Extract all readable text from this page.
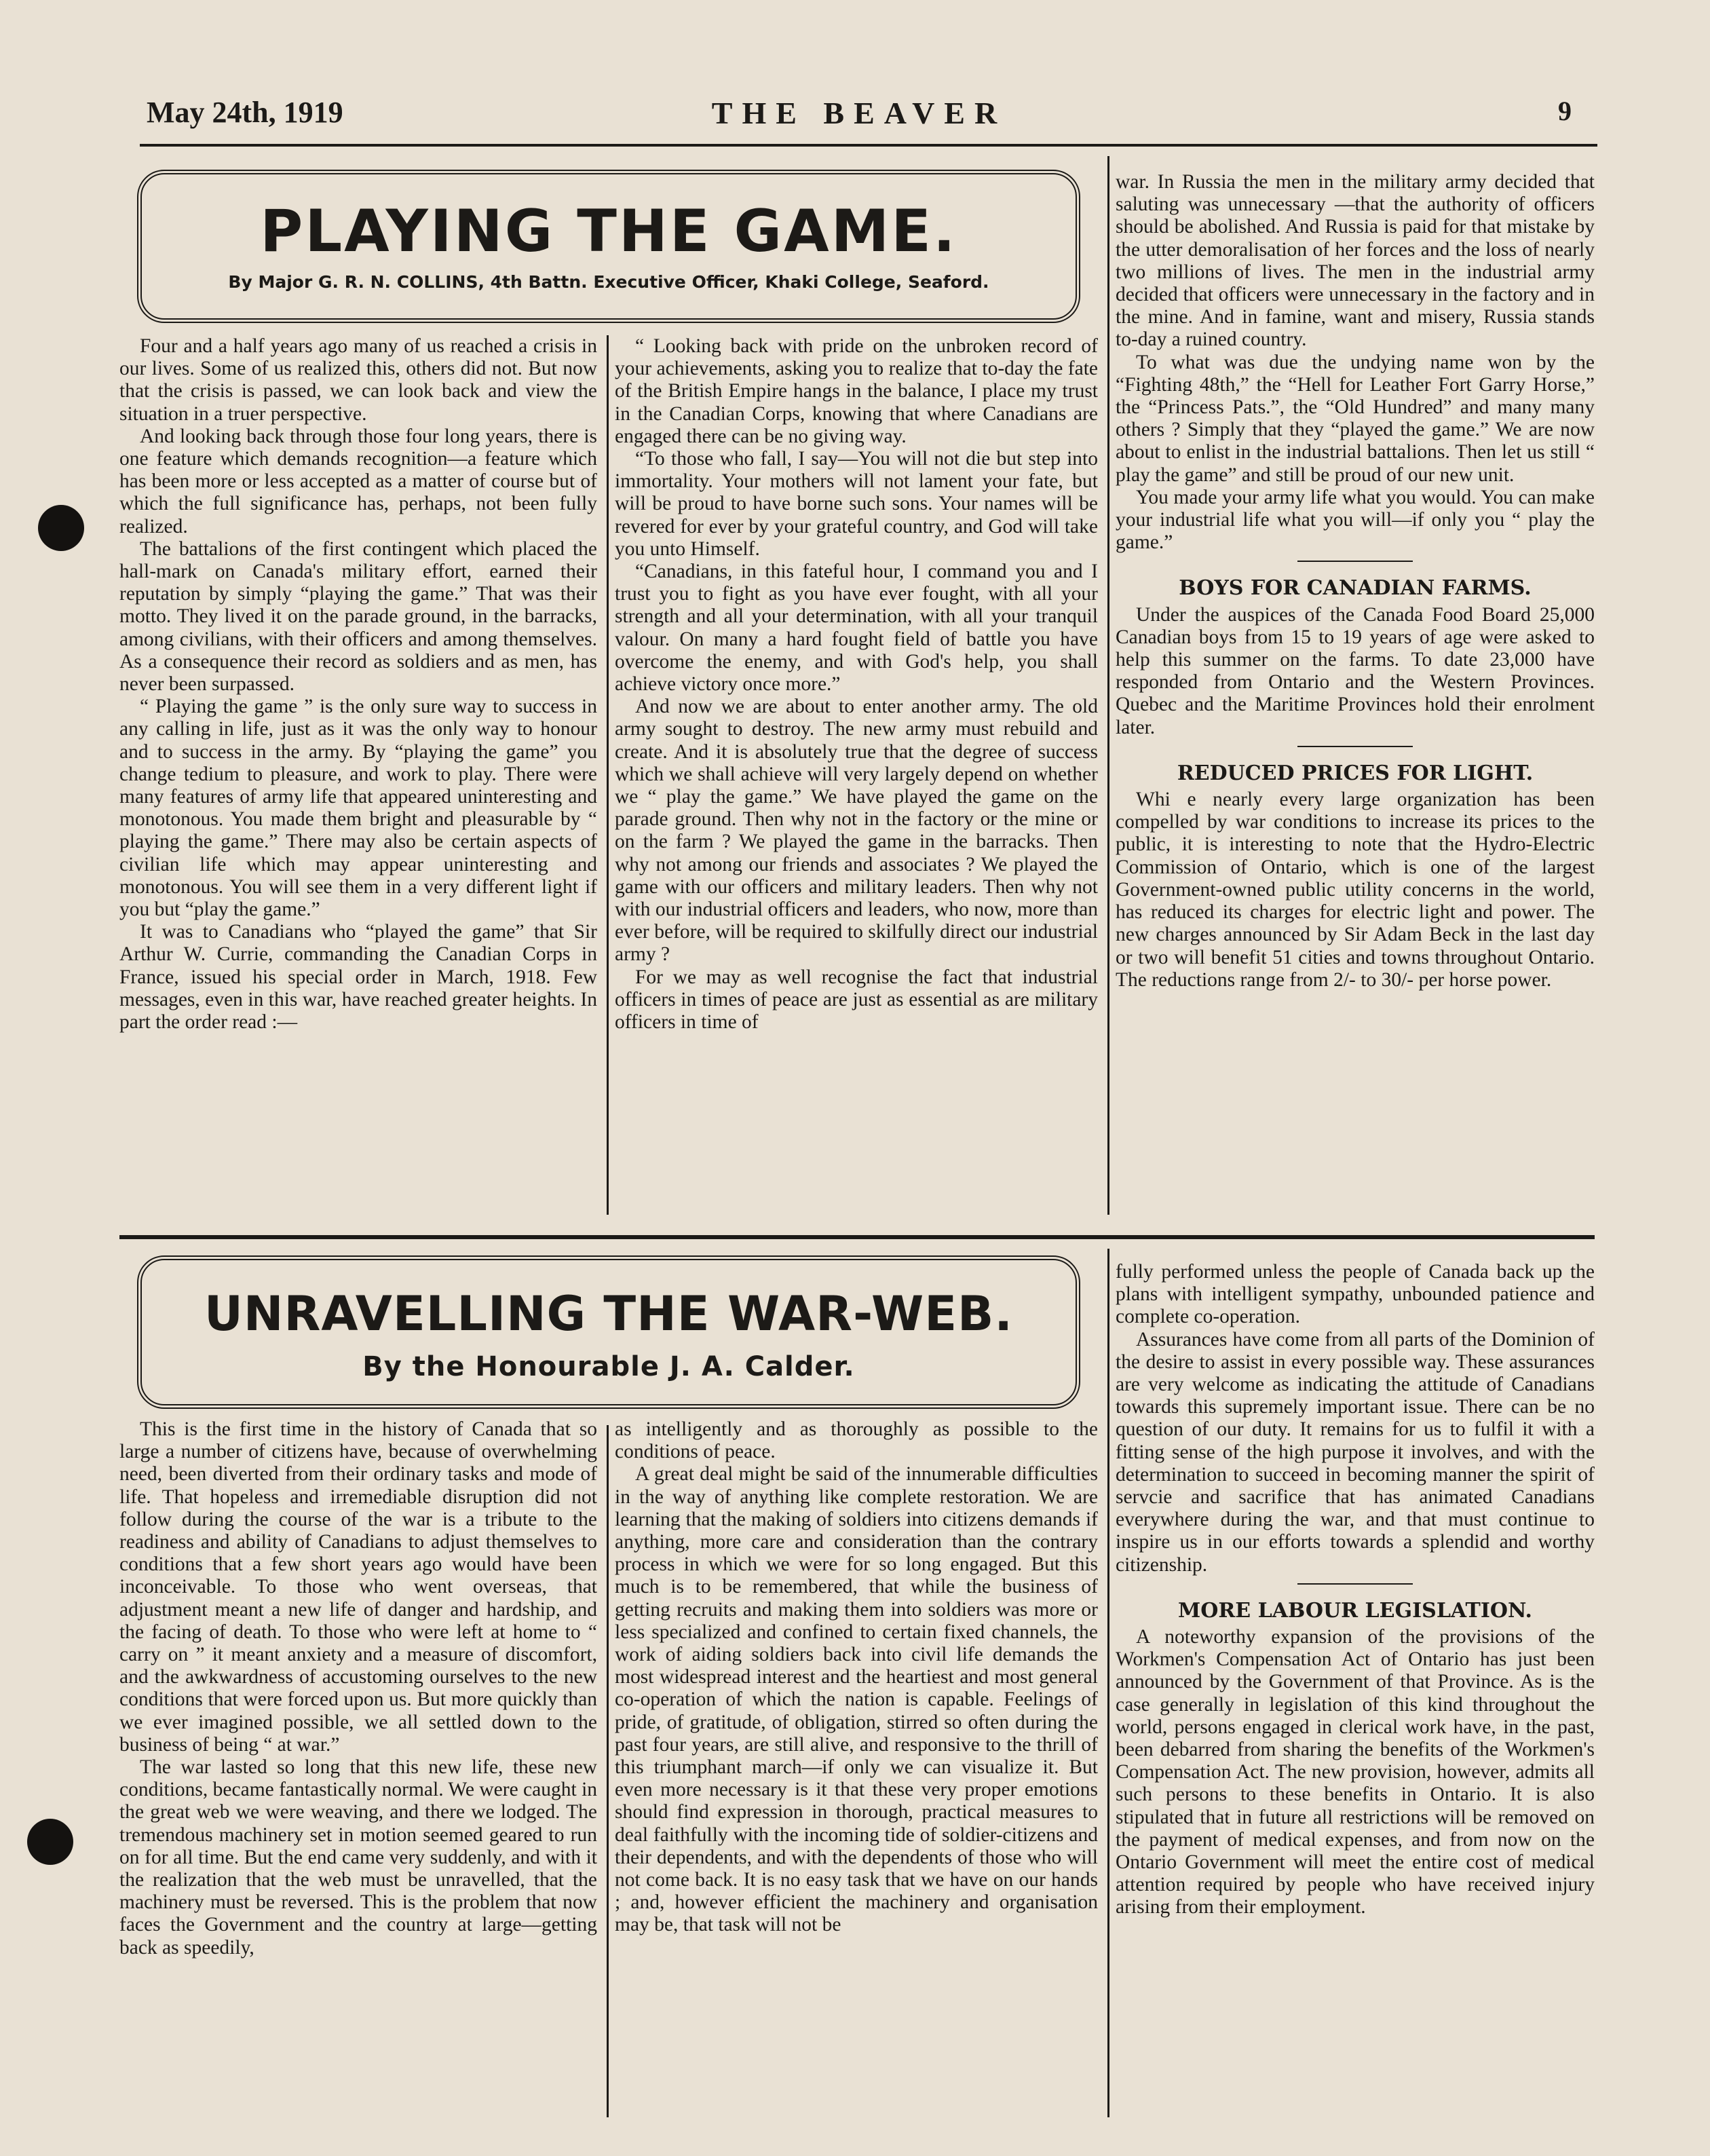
May 24th, 1919	THE BEAVER	9
PLAYING THE GAME.
By Major G. R. N. COLLINS, 4th Battn. Executive Officer, Khaki College, Seaford.

Four and a half years ago many of us reached a crisis in our lives. Some of us realized this, others did not. But now that the crisis is passed, we can look back and view the situation in a truer perspective.

And looking back through those four long years, there is one feature which demands recognition—a feature which has been more or less accepted as a matter of course but of which the full significance has, perhaps, not been fully realized.

The battalions of the first contingent which placed the hall-mark on Canada's military effort, earned their reputation by simply “playing the game.” That was their motto. They lived it on the parade ground, in the barracks, among civilians, with their officers and among themselves. As a consequence their record as soldiers and as men, has never been surpassed.

“ Playing the game ” is the only sure way to success in any calling in life, just as it was the only way to honour and to success in the army. By “playing the game” you change tedium to pleasure, and work to play. There were many features of army life that appeared uninteresting and monotonous. You made them bright and pleasurable by “ playing the game.” There may also be certain aspects of civilian life which may appear uninteresting and monotonous. You will see them in a very different light if you but “play the game.”

It was to Canadians who “played the game” that Sir Arthur W. Currie, commanding the Canadian Corps in France, issued his special order in March, 1918. Few messages, even in this war, have reached greater heights. In part the order read :—

“ Looking back with pride on the unbroken record of your achievements, asking you to realize that to-day the fate of the British Empire hangs in the balance, I place my trust in the Canadian Corps, knowing that where Canadians are engaged there can be no giving way.

“To those who fall, I say—You will not die but step into immortality. Your mothers will not lament your fate, but will be proud to have borne such sons. Your names will be revered for ever by your grateful country, and God will take you unto Himself.

“Canadians, in this fateful hour, I command you and I trust you to fight as you have ever fought, with all your strength and all your determination, with all your tranquil valour. On many a hard fought field of battle you have overcome the enemy, and with God's help, you shall achieve victory once more.”

And now we are about to enter another army. The old army sought to destroy. The new army must rebuild and create. And it is absolutely true that the degree of success which we shall achieve will very largely depend on whether we “ play the game.” We have played the game on the parade ground. Then why not in the factory or the mine or on the farm ? We played the game in the barracks. Then why not among our friends and associates ? We played the game with our officers and military leaders. Then why not with our industrial officers and leaders, who now, more than ever before, will be required to skilfully direct our industrial army ?

For we may as well recognise the fact that industrial officers in times of peace are just as essential as are military officers in time of

war. In Russia the men in the military army decided that saluting was unnecessary —that the authority of officers should be abolished. And Russia is paid for that mistake by the utter demoralisation of her forces and the loss of nearly two millions of lives. The men in the industrial army decided that officers were unnecessary in the factory and in the mine. And in famine, want and misery, Russia stands to-day a ruined country.

To what was due the undying name won by the “Fighting 48th,” the “Hell for Leather Fort Garry Horse,” the “Princess Pats.”, the “Old Hundred” and many many others ? Simply that they “played the game.” We are now about to enlist in the industrial battalions. Then let us still “ play the game” and still be proud of our new unit.

You made your army life what you would. You can make your industrial life what you will—if only you “ play the game.”

BOYS FOR CANADIAN FARMS.

Under the auspices of the Canada Food Board 25,000 Canadian boys from 15 to 19 years of age were asked to help this summer on the farms. To date 23,000 have responded from Ontario and the Western Provinces. Quebec and the Maritime Provinces hold their enrolment later.

REDUCED PRICES FOR LIGHT.

Whi e nearly every large organization has been compelled by war conditions to increase its prices to the public, it is interesting to note that the Hydro-Electric Commission of Ontario, which is one of the largest Government-owned public utility concerns in the world, has reduced its charges for electric light and power. The new charges announced by Sir Adam Beck in the last day or two will benefit 51 cities and towns throughout Ontario. The reductions range from 2/- to 30/- per horse power.

UNRAVELLING THE WAR-WEB.
By the Honourable J. A. Calder.

This is the first time in the history of Canada that so large a number of citizens have, because of overwhelming need, been diverted from their ordinary tasks and mode of life. That hopeless and irremediable disruption did not follow during the course of the war is a tribute to the readiness and ability of Canadians to adjust themselves to conditions that a few short years ago would have been inconceivable. To those who went overseas, that adjustment meant a new life of danger and hardship, and the facing of death. To those who were left at home to “ carry on ” it meant anxiety and a measure of discomfort, and the awkwardness of accustoming ourselves to the new conditions that were forced upon us. But more quickly than we ever imagined possible, we all settled down to the business of being “ at war.”

The war lasted so long that this new life, these new conditions, became fantastically normal. We were caught in the great web we were weaving, and there we lodged. The tremendous machinery set in motion seemed geared to run on for all time. But the end came very suddenly, and with it the realization that the web must be unravelled, that the machinery must be reversed. This is the problem that now faces the Government and the country at large—getting back as speedily,

as intelligently and as thoroughly as possible to the conditions of peace.

A great deal might be said of the innumerable difficulties in the way of anything like complete restoration. We are learning that the making of soldiers into citizens demands if anything, more care and consideration than the contrary process in which we were for so long engaged. But this much is to be remembered, that while the business of getting recruits and making them into soldiers was more or less specialized and confined to certain fixed channels, the work of aiding soldiers back into civil life demands the most widespread interest and the heartiest and most general co-operation of which the nation is capable. Feelings of pride, of gratitude, of obligation, stirred so often during the past four years, are still alive, and responsive to the thrill of this triumphant march—if only we can visualize it. But even more necessary is it that these very proper emotions should find expression in thorough, practical measures to deal faithfully with the incoming tide of soldier-citizens and their dependents, and with the dependents of those who will not come back. It is no easy task that we have on our hands ; and, however efficient the machinery and organisation may be, that task will not be

fully performed unless the people of Canada back up the plans with intelligent sympathy, unbounded patience and complete co-operation.

Assurances have come from all parts of the Dominion of the desire to assist in every possible way. These assurances are very welcome as indicating the attitude of Canadians towards this supremely important issue. There can be no question of our duty. It remains for us to fulfil it with a fitting sense of the high purpose it involves, and with the determination to succeed in becoming manner the spirit of servcie and sacrifice that has animated Canadians everywhere during the war, and that must continue to inspire us in our efforts towards a splendid and worthy citizenship.

MORE LABOUR LEGISLATION.

A noteworthy expansion of the provisions of the Workmen's Compensation Act of Ontario has just been announced by the Government of that Province. As is the case generally in legislation of this kind throughout the world, persons engaged in clerical work have, in the past, been debarred from sharing the benefits of the Workmen's Compensation Act. The new provision, however, admits all such persons to these benefits in Ontario. It is also stipulated that in future all restrictions will be removed on the payment of medical expenses, and from now on the Ontario Government will meet the entire cost of medical attention required by people who have received injury arising from their employment.
